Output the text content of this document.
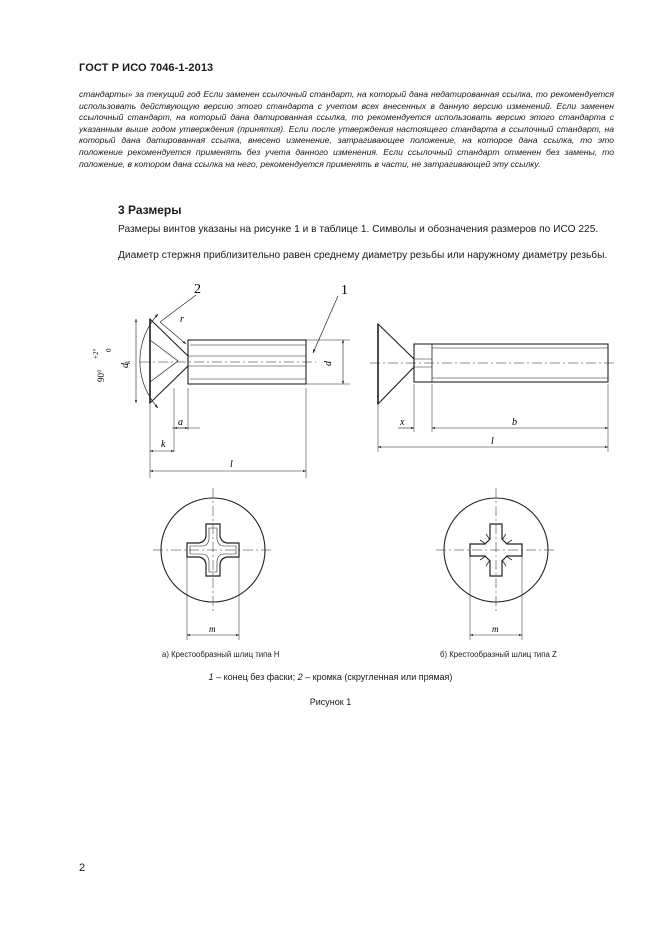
ГОСТ Р ИСО 7046-1-2013

стандарты» за текущий год Если заменен ссылочный стандарт, на который дана недатированная ссылка, то рекомендуется использовать действующую версию этого стандарта с учетом всех внесенных в данную версию изменений. Если заменен ссылочный стандарт, на который дана датированная ссылка, то рекомендуется использовать версию этого стандарта с указанным выше годом утверждения (принятия). Если после утверждения настоящего стандарта в ссылочный стандарт, на который дана датированная ссылка, внесено изменение, затрагивающее положение, на которое дана ссылка, то это положение рекомендуется применять без учета данного изменения. Если ссылочный стандарт отменен без замены, то положение, в котором дана ссылка на него, рекомендуется применять в части, не затрагивающей эту ссылку.

3 Размеры
Размеры винтов указаны на рисунке 1 и в таблице 1. Символы и обозначения размеров по ИСО 225.
Диаметр стержня приблизительно равен среднему диаметру резьбы или наружному диаметру резьбы.
2	1
r
d
k	d
90°
+2° 0
a
k
l
x	b
l
m	m
а) Крестообразный шлиц типа H	б) Крестообразный шлиц типа Z
1 – конец без фаски; 2 – кромка (скругленная или прямая)
Рисунок 1
2
